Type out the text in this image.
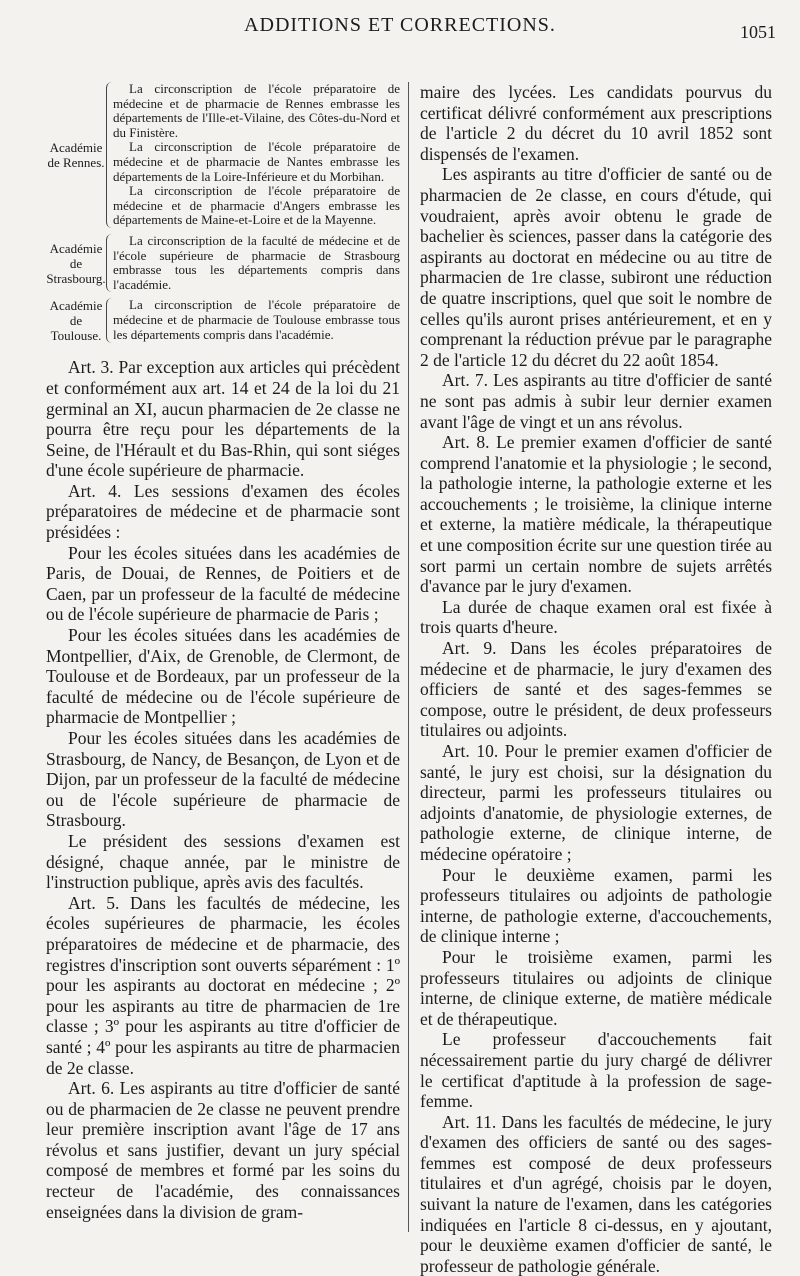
ADDITIONS ET CORRECTIONS.	1051
Académie de Rennes.
La circonscription de l'école préparatoire de médecine et de pharmacie de Rennes embrasse les départements de l'Ille-et-Vilaine, des Côtes-du-Nord et du Finistère.
La circonscription de l'école préparatoire de médecine et de pharmacie de Nantes embrasse les départements de la Loire-Inférieure et du Morbihan.
La circonscription de l'école préparatoire de médecine et de pharmacie d'Angers embrasse les départements de Maine-et-Loire et de la Mayenne.
Académie de Strasbourg.
La circonscription de la faculté de médecine et de l'école supérieure de pharmacie de Strasbourg embrasse tous les départements compris dans l'académie.
Académie de Toulouse.
La circonscription de l'école préparatoire de médecine et de pharmacie de Toulouse embrasse tous les départements compris dans l'académie.

Art. 3. Par exception aux articles qui précèdent et conformément aux art. 14 et 24 de la loi du 21 germinal an XI, aucun pharmacien de 2e classe ne pourra être reçu pour les départements de la Seine, de l'Hérault et du Bas-Rhin, qui sont siéges d'une école supérieure de pharmacie.

Art. 4. Les sessions d'examen des écoles préparatoires de médecine et de pharmacie sont présidées :

Pour les écoles situées dans les académies de Paris, de Douai, de Rennes, de Poitiers et de Caen, par un professeur de la faculté de médecine ou de l'école supérieure de pharmacie de Paris ;

Pour les écoles situées dans les académies de Montpellier, d'Aix, de Grenoble, de Clermont, de Toulouse et de Bordeaux, par un professeur de la faculté de médecine ou de l'école supérieure de pharmacie de Montpellier ;

Pour les écoles situées dans les académies de Strasbourg, de Nancy, de Besançon, de Lyon et de Dijon, par un professeur de la faculté de médecine ou de l'école supérieure de pharmacie de Strasbourg.

Le président des sessions d'examen est désigné, chaque année, par le ministre de l'instruction publique, après avis des facultés.

Art. 5. Dans les facultés de médecine, les écoles supérieures de pharmacie, les écoles préparatoires de médecine et de pharmacie, des registres d'inscription sont ouverts séparément : 1º pour les aspirants au doctorat en médecine ; 2º pour les aspirants au titre de pharmacien de 1re classe ; 3º pour les aspirants au titre d'officier de santé ; 4º pour les aspirants au titre de pharmacien de 2e classe.

Art. 6. Les aspirants au titre d'officier de santé ou de pharmacien de 2e classe ne peuvent prendre leur première inscription avant l'âge de 17 ans révolus et sans justifier, devant un jury spécial composé de membres et formé par les soins du recteur de l'académie, des connaissances enseignées dans la division de gram-

maire des lycées. Les candidats pourvus du certificat délivré conformément aux prescriptions de l'article 2 du décret du 10 avril 1852 sont dispensés de l'examen.

Les aspirants au titre d'officier de santé ou de pharmacien de 2e classe, en cours d'étude, qui voudraient, après avoir obtenu le grade de bachelier ès sciences, passer dans la catégorie des aspirants au doctorat en médecine ou au titre de pharmacien de 1re classe, subiront une réduction de quatre inscriptions, quel que soit le nombre de celles qu'ils auront prises antérieurement, et en y comprenant la réduction prévue par le paragraphe 2 de l'article 12 du décret du 22 août 1854.

Art. 7. Les aspirants au titre d'officier de santé ne sont pas admis à subir leur dernier examen avant l'âge de vingt et un ans révolus.

Art. 8. Le premier examen d'officier de santé comprend l'anatomie et la physiologie ; le second, la pathologie interne, la pathologie externe et les accouchements ; le troisième, la clinique interne et externe, la matière médicale, la thérapeutique et une composition écrite sur une question tirée au sort parmi un certain nombre de sujets arrêtés d'avance par le jury d'examen.

La durée de chaque examen oral est fixée à trois quarts d'heure.

Art. 9. Dans les écoles préparatoires de médecine et de pharmacie, le jury d'examen des officiers de santé et des sages-femmes se compose, outre le président, de deux professeurs titulaires ou adjoints.

Art. 10. Pour le premier examen d'officier de santé, le jury est choisi, sur la désignation du directeur, parmi les professeurs titulaires ou adjoints d'anatomie, de physiologie externes, de pathologie externe, de clinique interne, de médecine opératoire ;

Pour le deuxième examen, parmi les professeurs titulaires ou adjoints de pathologie interne, de pathologie externe, d'accouchements, de clinique interne ;

Pour le troisième examen, parmi les professeurs titulaires ou adjoints de clinique interne, de clinique externe, de matière médicale et de thérapeutique.

Le professeur d'accouchements fait nécessairement partie du jury chargé de délivrer le certificat d'aptitude à la profession de sage-femme.

Art. 11. Dans les facultés de médecine, le jury d'examen des officiers de santé ou des sages-femmes est composé de deux professeurs titulaires et d'un agrégé, choisis par le doyen, suivant la nature de l'examen, dans les catégories indiquées en l'article 8 ci-dessus, en y ajoutant, pour le deuxième examen d'officier de santé, le professeur de pathologie générale.
